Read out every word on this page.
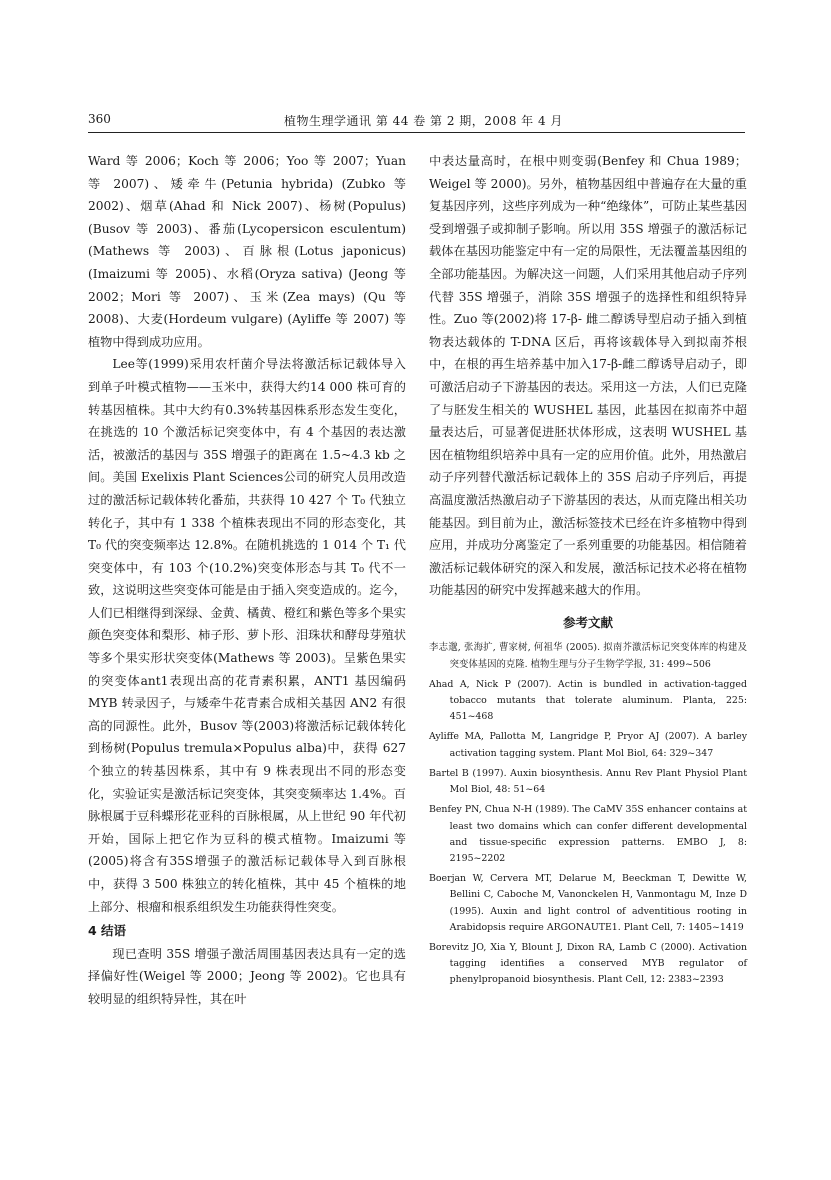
360	植物生理学通讯 第 44 卷 第 2 期，2008 年 4 月

Ward 等 2006；Koch 等 2006；Yoo 等 2007；Yuan 等 2007)、矮牵牛(Petunia hybrida) (Zubko 等 2002)、烟草(Ahad 和 Nick 2007)、杨树(Populus) (Busov 等 2003)、番茄(Lycopersicon esculentum) (Mathews 等 2003)、百脉根(Lotus japonicus) (Imaizumi 等 2005)、水稻(Oryza sativa) (Jeong 等 2002；Mori 等 2007)、玉米(Zea mays) (Qu 等 2008)、大麦(Hordeum vulgare) (Ayliffe 等 2007) 等植物中得到成功应用。

Lee等(1999)采用农杆菌介导法将激活标记载体导入到单子叶模式植物——玉米中，获得大约14 000 株可育的转基因植株。其中大约有0.3%转基因株系形态发生变化，在挑选的 10 个激活标记突变体中，有 4 个基因的表达激活，被激活的基因与 35S 增强子的距离在 1.5~4.3 kb 之间。美国 Exelixis Plant Sciences公司的研究人员用改造过的激活标记载体转化番茄，共获得 10 427 个 T₀ 代独立转化子，其中有 1 338 个植株表现出不同的形态变化，其 T₀ 代的突变频率达 12.8%。在随机挑选的 1 014 个 T₁ 代突变体中，有 103 个(10.2%)突变体形态与其 T₀ 代不一致，这说明这些突变体可能是由于插入突变造成的。迄今，人们已相继得到深绿、金黄、橘黄、橙红和紫色等多个果实颜色突变体和梨形、柿子形、萝卜形、泪珠状和酵母芽殖状等多个果实形状突变体(Mathews 等 2003)。呈紫色果实的突变体ant1表现出高的花青素积累，ANT1 基因编码 MYB 转录因子，与矮牵牛花青素合成相关基因 AN2 有很高的同源性。此外，Busov 等(2003)将激活标记载体转化到杨树(Populus tremula×Populus alba)中，获得 627 个独立的转基因株系，其中有 9 株表现出不同的形态变化，实验证实是激活标记突变体，其突变频率达 1.4%。百脉根属于豆科蝶形花亚科的百脉根属，从上世纪 90 年代初开始，国际上把它作为豆科的模式植物。Imaizumi 等(2005)将含有35S增强子的激活标记载体导入到百脉根中，获得 3 500 株独立的转化植株，其中 45 个植株的地上部分、根瘤和根系组织发生功能获得性突变。

4 结语

现已查明 35S 增强子激活周围基因表达具有一定的选择偏好性(Weigel 等 2000；Jeong 等 2002)。它也具有较明显的组织特异性，其在叶

中表达量高时，在根中则变弱(Benfey 和 Chua 1989；Weigel 等 2000)。另外，植物基因组中普遍存在大量的重复基因序列，这些序列成为一种“绝缘体”，可防止某些基因受到增强子或抑制子影响。所以用 35S 增强子的激活标记载体在基因功能鉴定中有一定的局限性，无法覆盖基因组的全部功能基因。为解决这一问题，人们采用其他启动子序列代替 35S 增强子，消除 35S 增强子的选择性和组织特异性。Zuo 等(2002)将 17-β- 雌二醇诱导型启动子插入到植物表达载体的 T-DNA 区后，再将该载体导入到拟南芥根中，在根的再生培养基中加入17-β-雌二醇诱导启动子，即可激活启动子下游基因的表达。采用这一方法，人们已克隆了与胚发生相关的 WUSHEL 基因，此基因在拟南芥中超量表达后，可显著促进胚状体形成，这表明 WUSHEL 基因在植物组织培养中具有一定的应用价值。此外，用热激启动子序列替代激活标记载体上的 35S 启动子序列后，再提高温度激活热激启动子下游基因的表达，从而克隆出相关功能基因。到目前为止，激活标签技术已经在许多植物中得到应用，并成功分离鉴定了一系列重要的功能基因。相信随着激活标记载体研究的深入和发展，激活标记技术必将在植物功能基因的研究中发挥越来越大的作用。

参考文献

李志邈, 张海扩, 曹家树, 何祖华 (2005). 拟南芥激活标记突变体库的构建及突变体基因的克隆. 植物生理与分子生物学学报, 31: 499~506

Ahad A, Nick P (2007). Actin is bundled in activation-tagged tobacco mutants that tolerate aluminum. Planta, 225: 451~468

Ayliffe MA, Pallotta M, Langridge P, Pryor AJ (2007). A barley activation tagging system. Plant Mol Biol, 64: 329~347

Bartel B (1997). Auxin biosynthesis. Annu Rev Plant Physiol Plant Mol Biol, 48: 51~64

Benfey PN, Chua N-H (1989). The CaMV 35S enhancer contains at least two domains which can confer different developmental and tissue-specific expression patterns. EMBO J, 8: 2195~2202

Boerjan W, Cervera MT, Delarue M, Beeckman T, Dewitte W, Bellini C, Caboche M, Vanonckelen H, Vanmontagu M, Inze D (1995). Auxin and light control of adventitious rooting in Arabidopsis require ARGONAUTE1. Plant Cell, 7: 1405~1419

Borevitz JO, Xia Y, Blount J, Dixon RA, Lamb C (2000). Activation tagging identifies a conserved MYB regulator of phenylpropanoid biosynthesis. Plant Cell, 12: 2383~2393
